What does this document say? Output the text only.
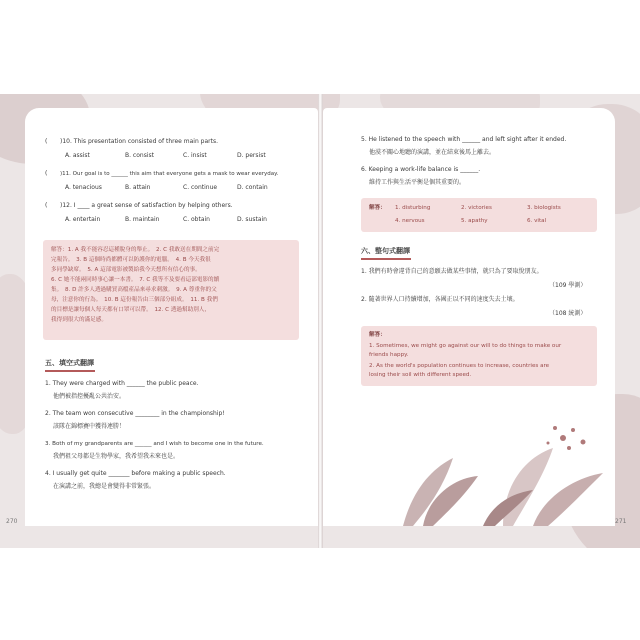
( )10. This presentation consisted of three main parts.
A. assist	B. consist	C. insist	D. persist
( )11. Our goal is to ______ this aim that everyone gets a mask to wear everyday.
A. tenacious	B. attain	C. continue	D. contain
( )12. I ____ a great sense of satisfaction by helping others.
A. entertain	B. maintain	C. obtain	D. sustain
解答：1. A 我不能容忍這種脫身的舉止。　2. C 我敢送在期間之前完
完報告。　3. B 這個時尚都體可以防護你的電腦。　4. B 今天我很
多同學缺席。　5. A 這部電影被製給我今天想所有信心的事。
6. C 她不能兩同時事心讓一本書。　7. C 我等不及要看這部電影的續
集。　8. D 許多人透過購買高檔產品來尋求刺激。　9. A 尊重你的父
母，注意你的行為。　10. B 這份報告由三個部分組成。　11. B 我們
的目標是讓每個人每天都有口罩可以帶。　12. C 透過幫助別人，
我得到很大的滿足感。
五、填空式翻譯
1. They were charged with ______ the public peace.
他們被指控擾亂公共治安。
2. The team won consecutive ________ in the championship!
該隊在錦標賽中獲得連勝！
3. Both of my grandparents are ______ and I wish to become one in the future.
我們祖父母都是生物學家，我希望我未來也是。
4. I usually get quite _______ before making a public speech.
在演講之前，我總是會變得非常緊張。
5. He listened to the speech with ______ and left sight after it ended.
他漠不關心地聽的演講，並在結束後馬上離去。
6. Keeping a work-life balance is ______.
維持工作與生活平衡是個其重要的。
解答： 1. disturbing	2. victories	3. biologists
4. nervous	5. apathy	6. vital
六、整句式翻譯
1. 我們有時會違背自己的意願去做某些事情，就只為了要取悅朋友。
（109 學測）
2. 隨著世界人口持續增加，各國正以不同的速度失去土壤。
（108 統測）
解答：
1. Sometimes, we might go against our will to do things to make our
friends happy.
2. As the world's population continues to increase, countries are
losing their soil with different speed.
270	271
